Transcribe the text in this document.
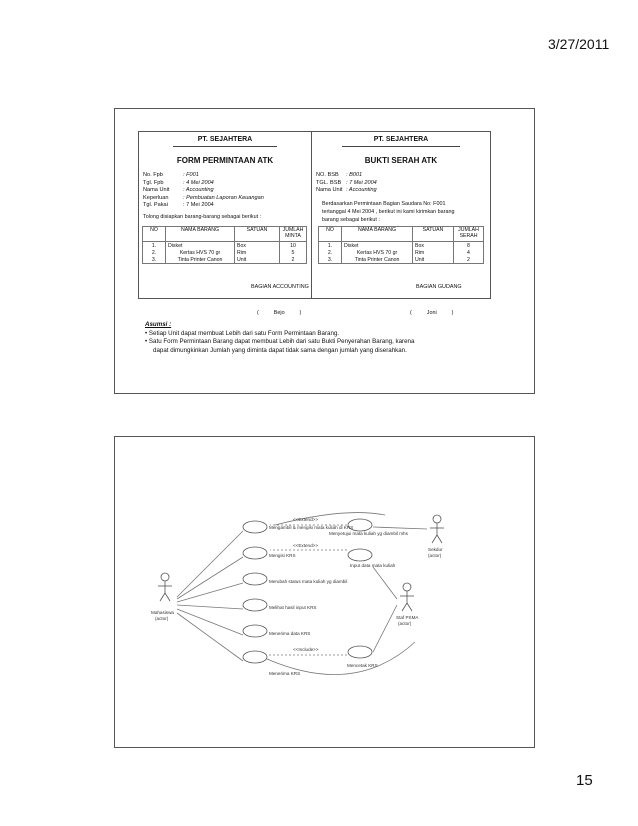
3/27/2011
PT. SEJAHTERA
FORM PERMINTAAN ATK
No. Fpb	: F001
Tgl. Fpb	: 4 Mei 2004
Nama Unit : Accounting
Keperluan	: Pembuatan Laporan Keuangan
Tgl. Pakai	: 7 Mei 2004
Tolong disiapkan barang-barang sebagai berikut :
NO	NAMA BARANG	SATUAN	JUMLAH MINTA
1.	Disket	Box	10
2.	Kertas HVS 70 gr	Rim	5
3.	Tinta Printer Canon	Unit	2
BAGIAN ACCOUNTING
(          Bejo          )
PT. SEJAHTERA
BUKTI SERAH ATK
NO. BSB : B001
TGL. BSB : 7 Mei 2004
Nama Unit : Accounting
Berdasarkan Permintaan Bagian Saudara No: F001
tertanggal 4 Mei 2004 , berikut ini kami kirimkan barang
barang sebagai berikut :
NO	NAMA BARANG	SATUAN	JUMLAH SERAH
1.	Disket	Box	8
2.	Kertas HVS 70 gr	Rim	4
3.	Tinta Printer Canon	Unit	2
BAGIAN GUDANG
(          Joni          )
Asumsi :
• Setiap Unit dapat membuat Lebih dari satu Form Permintaan Barang.
• Satu Form Permintaan Barang dapat membuat Lebih dari satu Bukti Penyerahan Barang, karena
dapat dimungkinkan Jumlah yang diminta dapat tidak sama dengan jumlah yang diserahkan.
Mahasiswa
(actor)
Sekdur
(actor)
Staf PSMA
(actor)
Mengambil & mengisi mata kuliah di KRS
Mengisi KRS
Merubah status mata kuliah yg diambil
Melihat hasil input KRS
Menerima data KRS
Menerima KRS
Menyetujui mata kuliah yg diambil mhs
Input data mata kuliah
Mencetak KRS
<<Extend>>
<<Extend>>
<<Include>>
15
